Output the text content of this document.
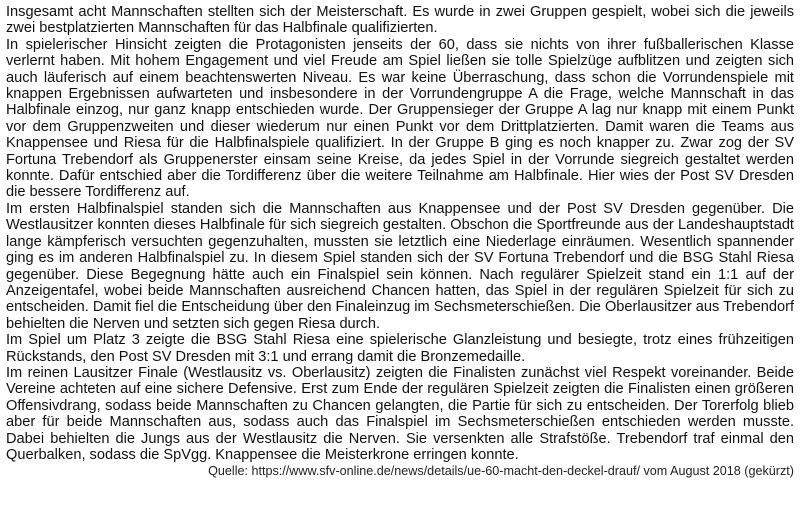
Insgesamt acht Mannschaften stellten sich der Meisterschaft. Es wurde in zwei Gruppen gespielt, wobei sich die jeweils zwei bestplatzierten Mannschaften für das Halbfinale qualifizierten.

In spielerischer Hinsicht zeigten die Protagonisten jenseits der 60, dass sie nichts von ihrer fußballerischen Klasse verlernt haben. Mit hohem Engagement und viel Freude am Spiel ließen sie tolle Spielzüge aufblitzen und zeigten sich auch läuferisch auf einem beachtenswerten Niveau. Es war keine Überraschung, dass schon die Vorrundenspiele mit knappen Ergebnissen aufwarteten und insbesondere in der Vorrundengruppe A die Frage, welche Mannschaft in das Halbfinale einzog, nur ganz knapp entschieden wurde. Der Gruppensieger der Gruppe A lag nur knapp mit einem Punkt vor dem Gruppenzweiten und dieser wiederum nur einen Punkt vor dem Drittplatzierten. Damit waren die Teams aus Knappensee und Riesa für die Halbfinalspiele qualifiziert. In der Gruppe B ging es noch knapper zu. Zwar zog der SV Fortuna Trebendorf als Gruppenerster einsam seine Kreise, da jedes Spiel in der Vorrunde siegreich gestaltet werden konnte. Dafür entschied aber die Tordifferenz über die weitere Teilnahme am Halbfinale. Hier wies der Post SV Dresden die bessere Tordifferenz auf.

Im ersten Halbfinalspiel standen sich die Mannschaften aus Knappensee und der Post SV Dresden gegenüber. Die Westlausitzer konnten dieses Halbfinale für sich siegreich gestalten. Obschon die Sportfreunde aus der Landeshauptstadt lange kämpferisch versuchten gegenzuhalten, mussten sie letztlich eine Niederlage einräumen. Wesentlich spannender ging es im anderen Halbfinalspiel zu. In diesem Spiel standen sich der SV Fortuna Trebendorf und die BSG Stahl Riesa gegenüber. Diese Begegnung hätte auch ein Finalspiel sein können. Nach regulärer Spielzeit stand ein 1:1 auf der Anzeigentafel, wobei beide Mannschaften ausreichend Chancen hatten, das Spiel in der regulären Spielzeit für sich zu entscheiden. Damit fiel die Entscheidung über den Finaleinzug im Sechsmeterschießen. Die Oberlausitzer aus Trebendorf behielten die Nerven und setzten sich gegen Riesa durch.

Im Spiel um Platz 3 zeigte die BSG Stahl Riesa eine spielerische Glanzleistung und besiegte, trotz eines frühzeitigen Rückstands, den Post SV Dresden mit 3:1 und errang damit die Bronzemedaille.

Im reinen Lausitzer Finale (Westlausitz vs. Oberlausitz) zeigten die Finalisten zunächst viel Respekt voreinander. Beide Vereine achteten auf eine sichere Defensive. Erst zum Ende der regulären Spielzeit zeigten die Finalisten einen größeren Offensivdrang, sodass beide Mannschaften zu Chancen gelangten, die Partie für sich zu entscheiden. Der Torerfolg blieb aber für beide Mannschaften aus, sodass auch das Finalspiel im Sechsmeterschießen entschieden werden musste. Dabei behielten die Jungs aus der Westlausitz die Nerven. Sie versenkten alle Strafstöße. Trebendorf traf einmal den Querbalken, sodass die SpVgg. Knappensee die Meisterkrone erringen konnte.

Quelle: https://www.sfv-online.de/news/details/ue-60-macht-den-deckel-drauf/ vom August 2018 (gekürzt)
